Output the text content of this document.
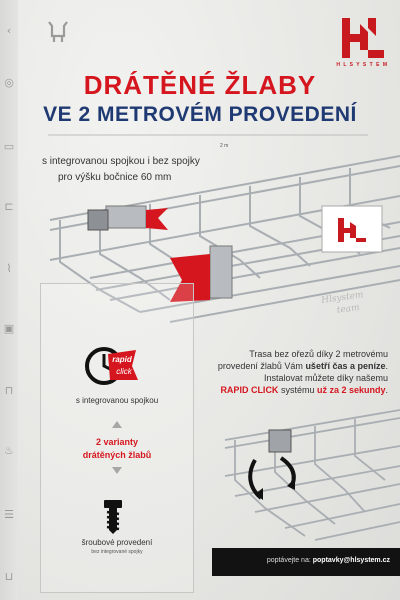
‹
◎
▭
⊏
⌇
▣
⊓
♨
☰
⊔
H L S Y S T E M
DRÁTĚNÉ ŽLABY
VE 2 METROVÉM PROVEDENÍ
2 m
s integrovanou spojkou i bez spojky
pro výšku bočnice 60 mm
rapid
click
s integrovanou spojkou
2 varianty
drátěných žlabů
šroubové provedení
bez integrované spojky
Hlsystem
team
Trasa bez ořezů díky 2 metrovému
provedení žlabů Vám ušetří čas a peníze.
Instalovat můžete díky našemu
RAPID CLICK systému už za 2 sekundy.
poptávejte na: poptavky@hlsystem.cz
